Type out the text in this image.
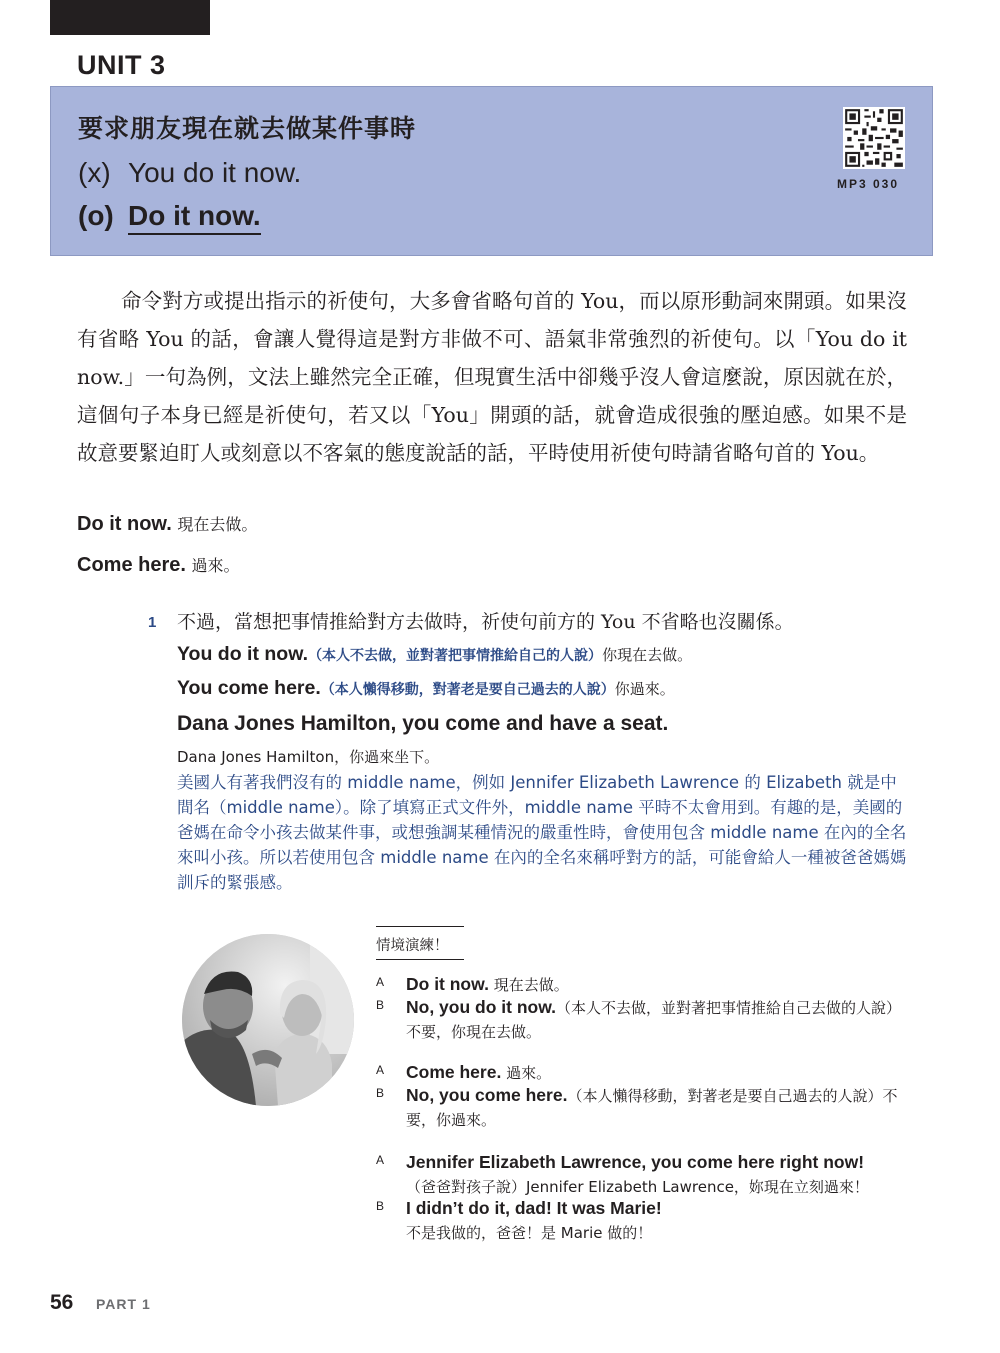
UNIT 3
要求朋友現在就去做某件事時
(x) You do it now.
(o) Do it now.
MP3 030
命令對方或提出指示的祈使句，大多會省略句首的 You，而以原形動詞來開頭。如果沒有省略 You 的話，會讓人覺得這是對方非做不可、語氣非常強烈的祈使句。以「You do it now.」一句為例，文法上雖然完全正確，但現實生活中卻幾乎沒人會這麼說，原因就在於，這個句子本身已經是祈使句，若又以「You」開頭的話，就會造成很強的壓迫感。如果不是故意要緊迫盯人或刻意以不客氣的態度說話的話，平時使用祈使句時請省略句首的 You。
Do it now. 現在去做。
Come here. 過來。
1 不過，當想把事情推給對方去做時，祈使句前方的 You 不省略也沒關係。
You do it now.（本人不去做，並對著把事情推給自己的人說）你現在去做。
You come here.（本人懶得移動，對著老是要自己過去的人說）你過來。
Dana Jones Hamilton, you come and have a seat.
Dana Jones Hamilton，你過來坐下。
美國人有著我們沒有的 middle name，例如 Jennifer Elizabeth Lawrence 的 Elizabeth 就是中間名（middle name）。除了填寫正式文件外，middle name 平時不太會用到。有趣的是，美國的爸媽在命令小孩去做某件事，或想強調某種情況的嚴重性時，會使用包含 middle name 在內的全名來叫小孩。所以若使用包含 middle name 在內的全名來稱呼對方的話，可能會給人一種被爸爸媽媽訓斥的緊張感。
情境演練！
A Do it now. 現在去做。
B No, you do it now.（本人不去做，並對著把事情推給自己去做的人說）不要，你現在去做。
A Come here. 過來。
B No, you come here.（本人懶得移動，對著老是要自己過去的人說）不要，你過來。
A Jennifer Elizabeth Lawrence, you come here right now!
（爸爸對孩子說）Jennifer Elizabeth Lawrence，妳現在立刻過來！
B I didn’t do it, dad! It was Marie!
不是我做的，爸爸！是 Marie 做的！
56 PART 1
